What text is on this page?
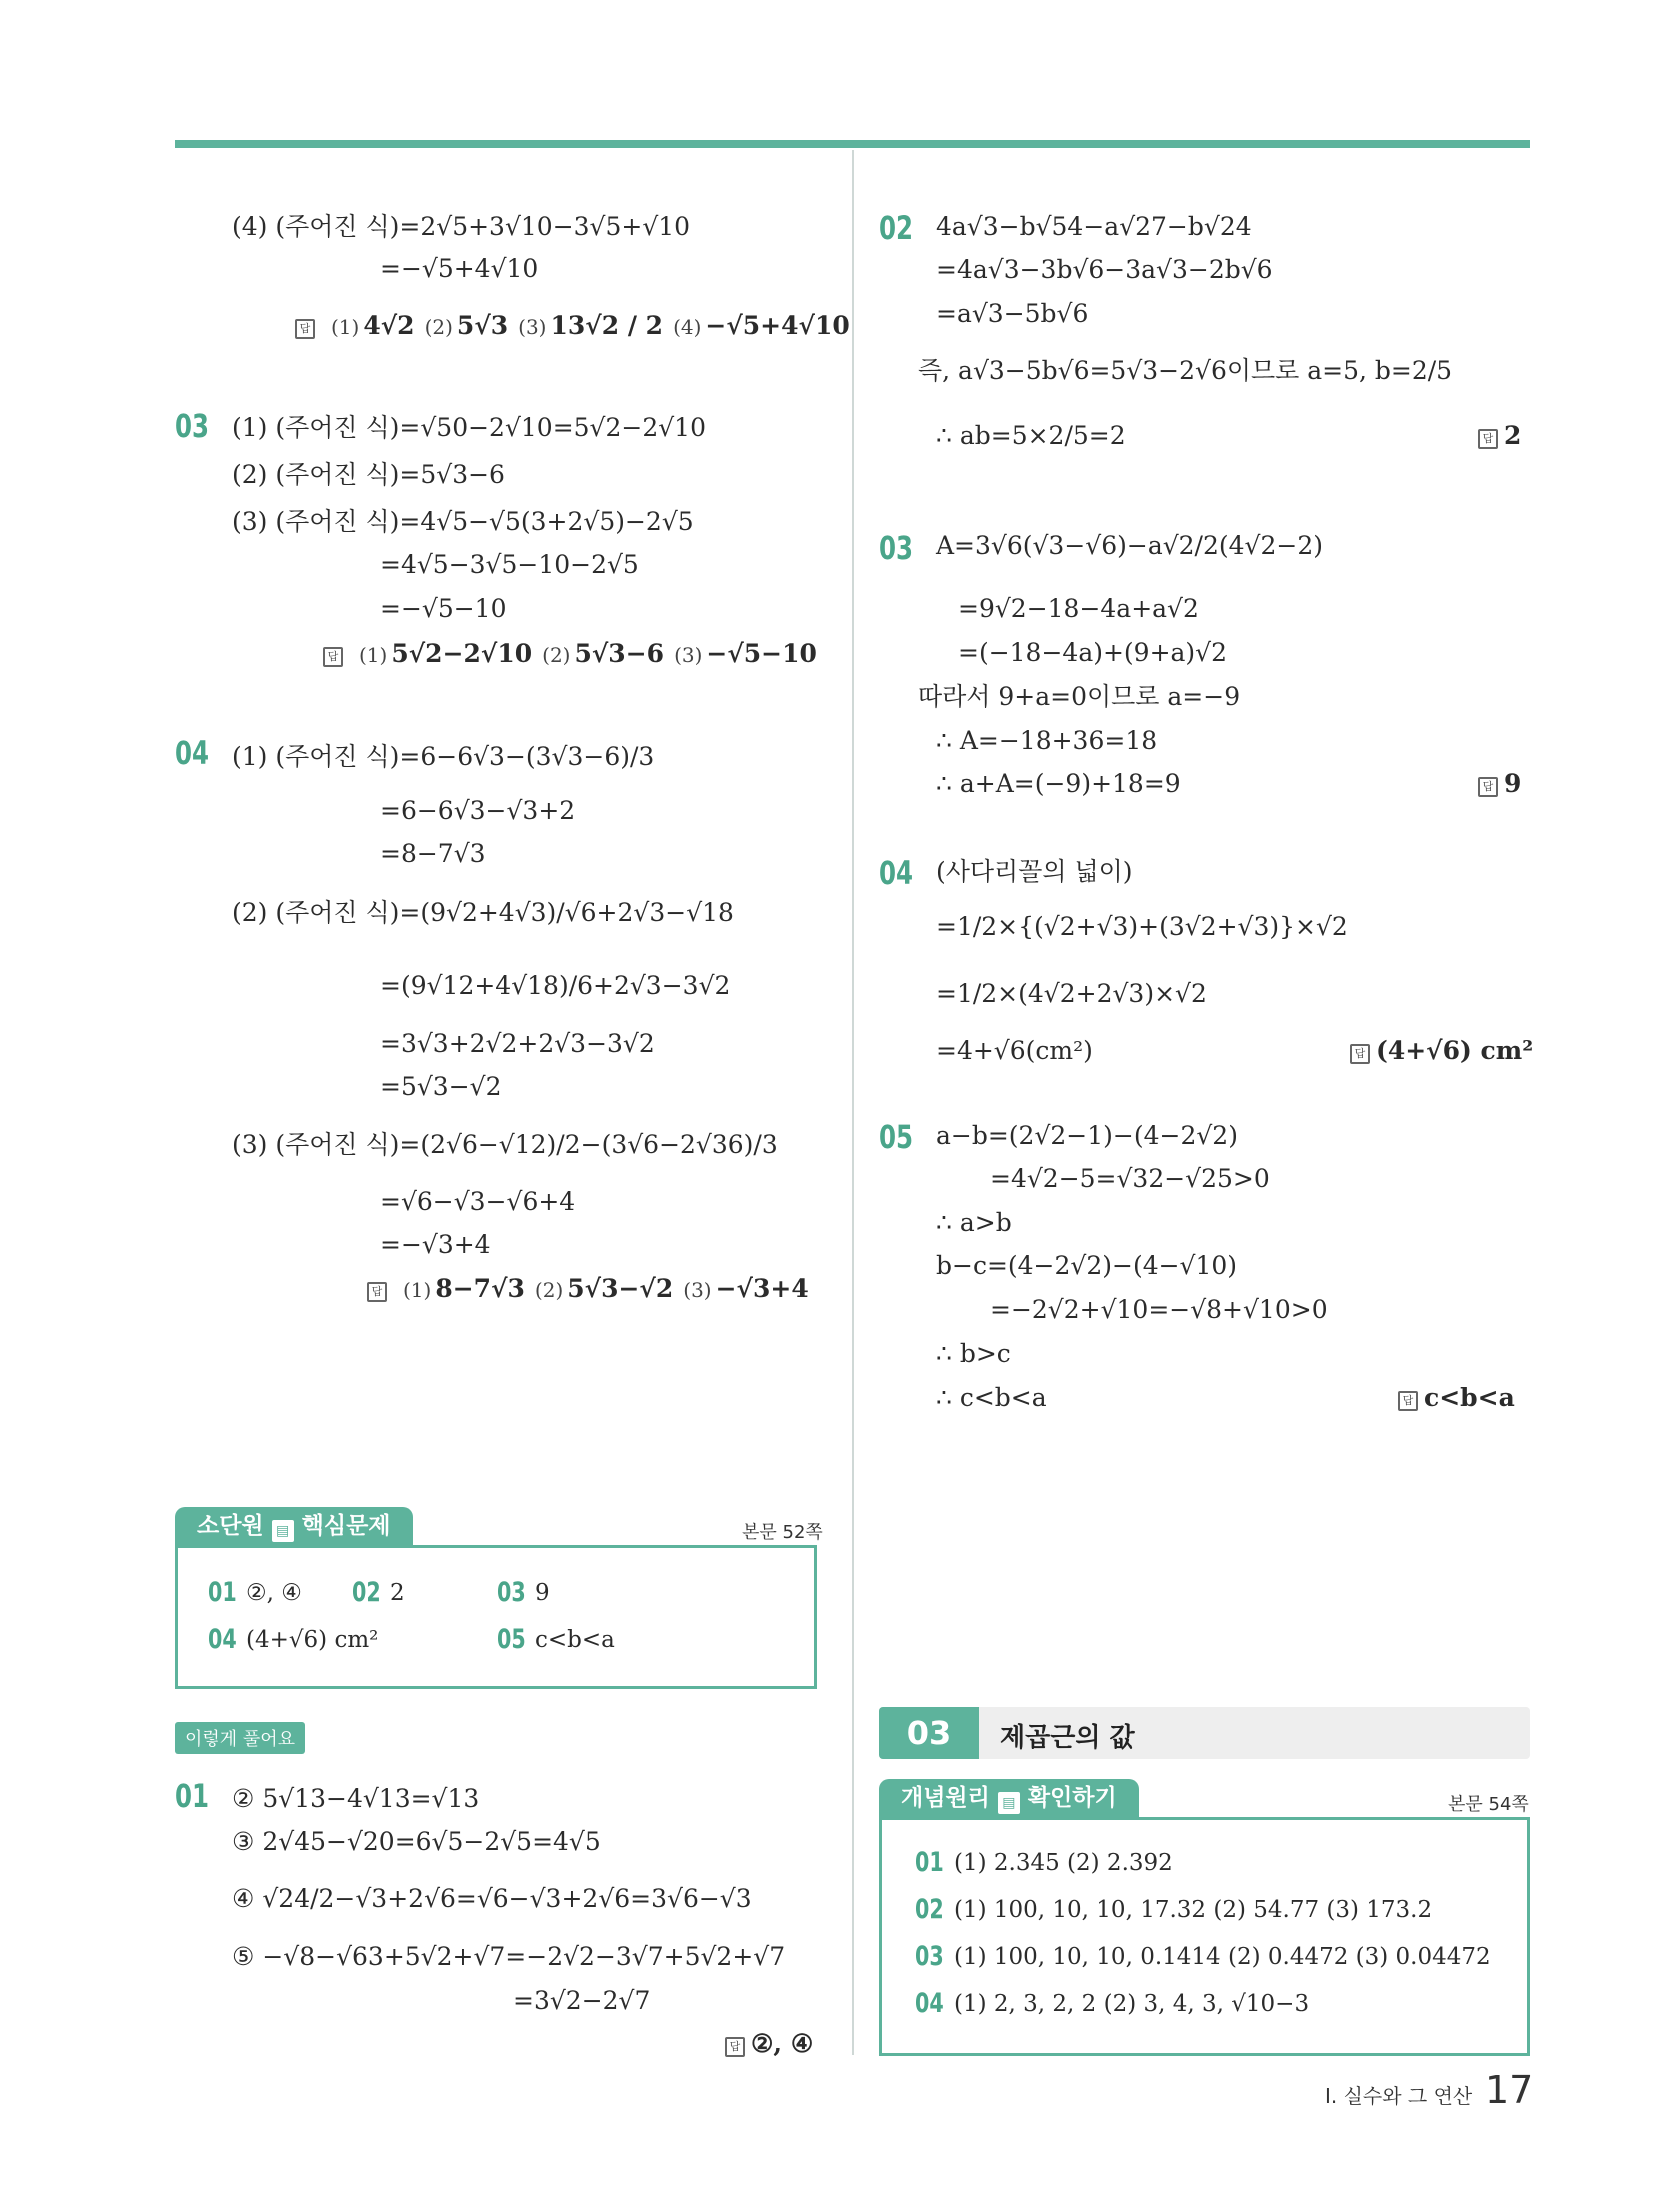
(4) (주어진 식)=2√5+3√10−3√5+√10
=−√5+4√10
답 (1) 4√2 (2) 5√3 (3) 13√2 / 2 (4) −√5+4√10
03 (1) (주어진 식)=√50−2√10=5√2−2√10
(2) (주어진 식)=5√3−6
(3) (주어진 식)=4√5−√5(3+2√5)−2√5
=4√5−3√5−10−2√5
=−√5−10
답 (1) 5√2−2√10 (2) 5√3−6 (3) −√5−10
04 (1) (주어진 식)=6−6√3−(3√3−6)/3
=6−6√3−√3+2
=8−7√3
(2) (주어진 식)=(9√2+4√3)/√6+2√3−√18
=(9√12+4√18)/6+2√3−3√2
=3√3+2√2+2√3−3√2
=5√3−√2
(3) (주어진 식)=(2√6−√12)/2−(3√6−2√36)/3
=√6−√3−√6+4
=−√3+4
답 (1) 8−7√3 (2) 5√3−√2 (3) −√3+4
소단원 ▤ 핵심문제	본문 52쪽
01 ②, ④ 02 2	03 9
04 (4+√6) cm²	05 c<b<a
이렇게 풀어요
01 ② 5√13−4√13=√13
③ 2√45−√20=6√5−2√5=4√5
④ √24/2−√3+2√6=√6−√3+2√6=3√6−√3
⑤ −√8−√63+5√2+√7=−2√2−3√7+5√2+√7
=3√2−2√7
답 ②, ④
02 4a√3−b√54−a√27−b√24
=4a√3−3b√6−3a√3−2b√6
=a√3−5b√6
즉, a√3−5b√6=5√3−2√6이므로 a=5, b=2/5
∴ ab=5×2/5=2	답 2
03 A=3√6(√3−√6)−a√2/2(4√2−2)
=9√2−18−4a+a√2
=(−18−4a)+(9+a)√2
따라서 9+a=0이므로 a=−9
∴ A=−18+36=18
∴ a+A=(−9)+18=9	답 9
04 (사다리꼴의 넓이)
=1/2×{(√2+√3)+(3√2+√3)}×√2
=1/2×(4√2+2√3)×√2
=4+√6(cm²)	답 (4+√6) cm²
05 a−b=(2√2−1)−(4−2√2)
=4√2−5=√32−√25>0
∴ a>b
b−c=(4−2√2)−(4−√10)
=−2√2+√10=−√8+√10>0
∴ b>c
∴ c<b<a	답 c<b<a
03	제곱근의 값
개념원리 ▤ 확인하기	본문 54쪽
01 (1) 2.345 (2) 2.392
02 (1) 100, 10, 10, 17.32 (2) 54.77 (3) 173.2
03 (1) 100, 10, 10, 0.1414 (2) 0.4472 (3) 0.04472
04 (1) 2, 3, 2, 2 (2) 3, 4, 3, √10−3
I. 실수와 그 연산 17
